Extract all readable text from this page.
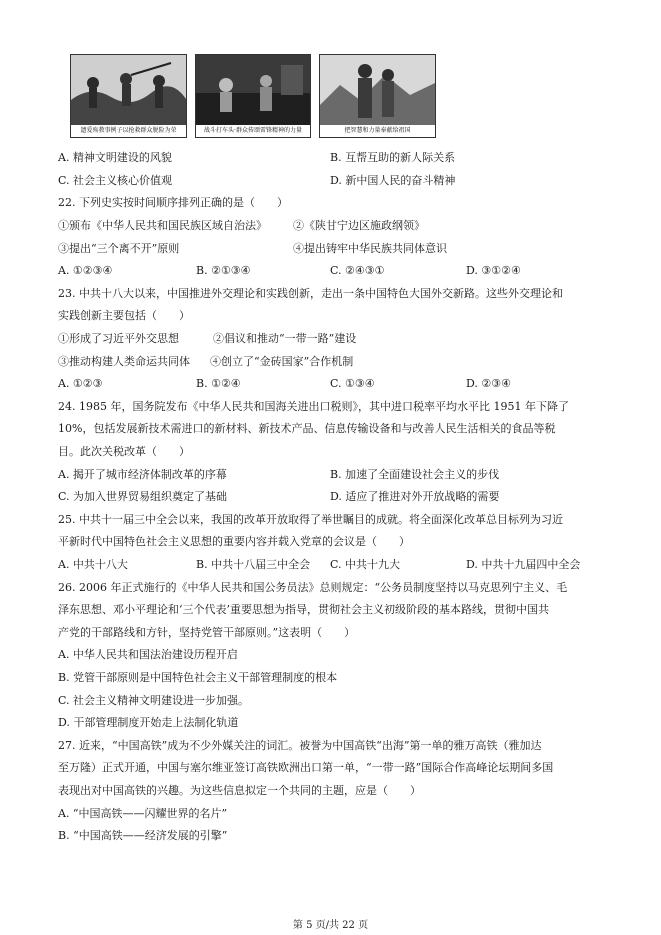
遗爱殇教事例子以抢救群众脱险为荣	战斗打车头·群众传颂雷锋精神的力量	把智慧和力量奉献给祖国
A. 精神文明建设的风貌	B. 互帮互助的新人际关系
C. 社会主义核心价值观	D. 新中国人民的奋斗精神
22. 下列史实按时间顺序排列正确的是（　　）
①颁布《中华人民共和国民族区域自治法》 ②《陕甘宁边区施政纲领》
③提出“三个离不开”原则	④提出铸牢中华民族共同体意识
A. ①②③④	B. ②①③④	C. ②④③①	D. ③①②④
23. 中共十八大以来，中国推进外交理论和实践创新，走出一条中国特色大国外交新路。这些外交理论和
实践创新主要包括（　　）
①形成了习近平外交思想	②倡议和推动“一带一路”建设
③推动构建人类命运共同体 ④创立了“金砖国家”合作机制
A. ①②③	B. ①②④	C. ①③④	D. ②③④
24. 1985 年，国务院发布《中华人民共和国海关进出口税则》，其中进口税率平均水平比 1951 年下降了
10%，包括发展新技术需进口的新材料、新技术产品、信息传输设备和与改善人民生活相关的食品等税
目。此次关税改革（　　）
A. 揭开了城市经济体制改革的序幕	B. 加速了全面建设社会主义的步伐
C. 为加入世界贸易组织奠定了基础	D. 适应了推进对外开放战略的需要
25. 中共十一届三中全会以来，我国的改革开放取得了举世瞩目的成就。将全面深化改革总目标列为习近
平新时代中国特色社会主义思想的重要内容并载入党章的会议是（　　）
A. 中共十八大	B. 中共十八届三中全会 C. 中共十九大	D. 中共十九届四中全会
26. 2006 年正式施行的《中华人民共和国公务员法》总则规定：“公务员制度坚持以马克思列宁主义、毛
泽东思想、邓小平理论和‘三个代表’重要思想为指导，贯彻社会主义初级阶段的基本路线，贯彻中国共
产党的干部路线和方针，坚持党管干部原则。”这表明（　　）
A. 中华人民共和国法治建设历程开启
B. 党管干部原则是中国特色社会主义干部管理制度的根本
C. 社会主义精神文明建设进一步加强。
D. 干部管理制度开始走上法制化轨道
27. 近来，“中国高铁”成为不少外媒关注的词汇。被誉为中国高铁“出海”第一单的雅万高铁（雅加达
至万隆）正式开通，中国与塞尔维亚签订高铁欧洲出口第一单，“一带一路”国际合作高峰论坛期间多国
表现出对中国高铁的兴趣。为这些信息拟定一个共同的主题，应是（　　）
A. “中国高铁——闪耀世界的名片”
B. “中国高铁——经济发展的引擎”
第 5 页/共 22 页
